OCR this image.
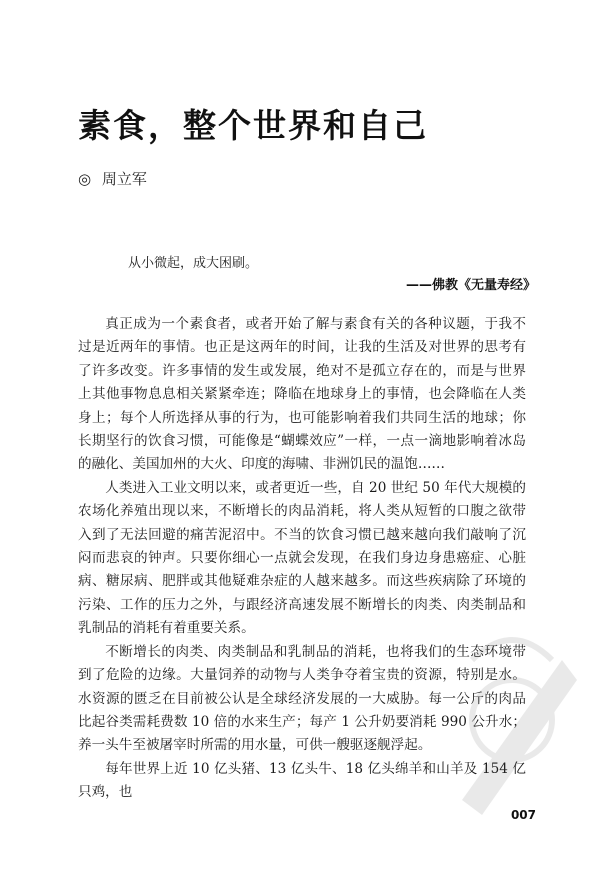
素食，整个世界和自己
◎ 周立军
从小微起，成大困刷。
——佛教《无量寿经》

真正成为一个素食者，或者开始了解与素食有关的各种议题，于我不过是近两年的事情。也正是这两年的时间，让我的生活及对世界的思考有了许多改变。许多事情的发生或发展，绝对不是孤立存在的，而是与世界上其他事物息息相关紧紧牵连；降临在地球身上的事情，也会降临在人类身上；每个人所选择从事的行为，也可能影响着我们共同生活的地球；你长期坚行的饮食习惯，可能像是“蝴蝶效应”一样，一点一滴地影响着冰岛的融化、美国加州的大火、印度的海啸、非洲饥民的温饱……

人类进入工业文明以来，或者更近一些，自 20 世纪 50 年代大规模的农场化养殖出现以来，不断增长的肉品消耗，将人类从短暂的口腹之欲带入到了无法回避的痛苦泥沼中。不当的饮食习惯已越来越向我们敲响了沉闷而悲哀的钟声。只要你细心一点就会发现，在我们身边身患癌症、心脏病、糖尿病、肥胖或其他疑难杂症的人越来越多。而这些疾病除了环境的污染、工作的压力之外，与跟经济高速发展不断增长的肉类、肉类制品和乳制品的消耗有着重要关系。

不断增长的肉类、肉类制品和乳制品的消耗，也将我们的生态环境带到了危险的边缘。大量饲养的动物与人类争夺着宝贵的资源，特别是水。水资源的匮乏在目前被公认是全球经济发展的一大威胁。每一公斤的肉品比起谷类需耗费数 10 倍的水来生产；每产 1 公升奶要消耗 990 公升水；养一头牛至被屠宰时所需的用水量，可供一艘驱逐舰浮起。

每年世界上近 10 亿头猪、13 亿头牛、18 亿头绵羊和山羊及 154 亿只鸡，也

007
